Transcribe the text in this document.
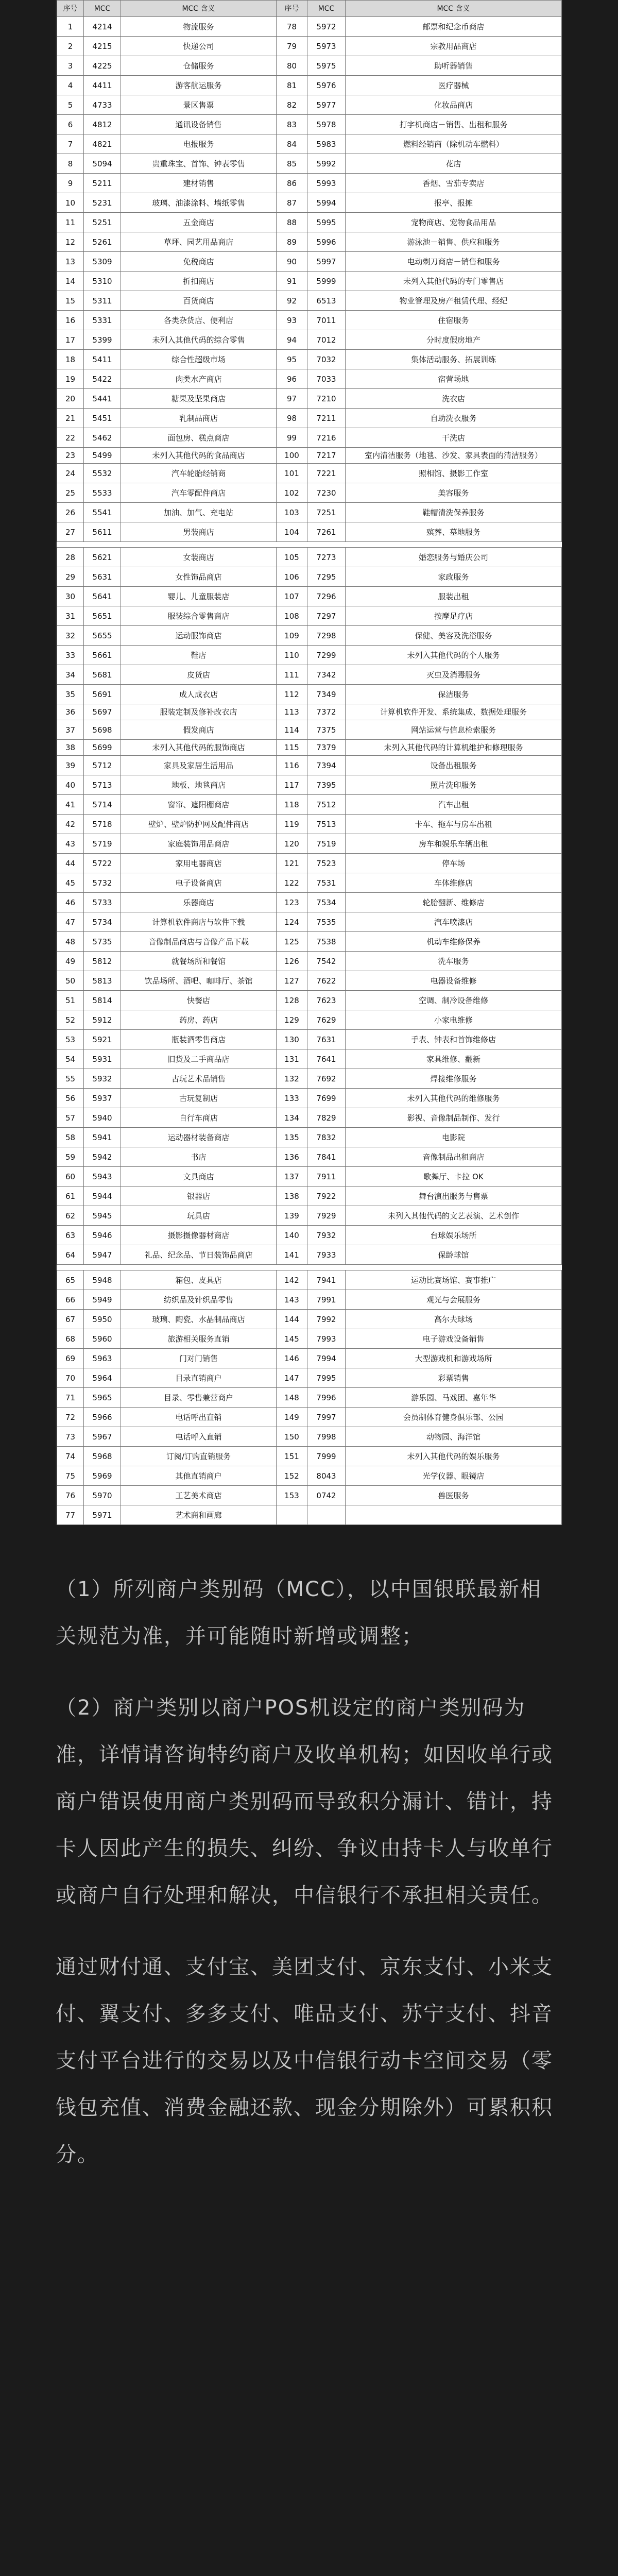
序号	MCC	MCC 含义	序号	MCC	MCC 含义
1	4214	物流服务	78	5972	邮票和纪念币商店
2	4215	快递公司	79	5973	宗教用品商店
3	4225	仓储服务	80	5975	助听器销售
4	4411	游客航运服务	81	5976	医疗器械
5	4733	景区售票	82	5977	化妆品商店
6	4812	通讯设备销售	83	5978	打字机商店－销售、出租和服务
7	4821	电报服务	84	5983	燃料经销商（除机动车燃料）
8	5094	贵重珠宝、首饰、钟表零售	85	5992	花店
9	5211	建材销售	86	5993	香烟、雪茄专卖店
10	5231	玻璃、油漆涂料、墙纸零售	87	5994	报亭、报摊
11	5251	五金商店	88	5995	宠物商店、宠物食品用品
12	5261	草坪、园艺用品商店	89	5996	游泳池－销售、供应和服务
13	5309	免税商店	90	5997	电动剃刀商店－销售和服务
14	5310	折扣商店	91	5999	未列入其他代码的专门零售店
15	5311	百货商店	92	6513	物业管理及房产租赁代理、经纪
16	5331	各类杂货店、便利店	93	7011	住宿服务
17	5399	未列入其他代码的综合零售	94	7012	分时度假房地产
18	5411	综合性超级市场	95	7032	集体活动服务、拓展训练
19	5422	肉类水产商店	96	7033	宿营场地
20	5441	糖果及坚果商店	97	7210	洗衣店
21	5451	乳制品商店	98	7211	自助洗衣服务
22	5462	面包房、糕点商店	99	7216	干洗店
23	5499	未列入其他代码的食品商店	100	7217	室内清洁服务（地毯、沙发、家具表面的清洁服务）
24	5532	汽车轮胎经销商	101	7221	照相馆、摄影工作室
25	5533	汽车零配件商店	102	7230	美容服务
26	5541	加油、加气、充电站	103	7251	鞋帽清洗保养服务
27	5611	男装商店	104	7261	殡葬、墓地服务

28	5621	女装商店	105	7273	婚恋服务与婚庆公司
29	5631	女性饰品商店	106	7295	家政服务
30	5641	婴儿、儿童服装店	107	7296	服装出租
31	5651	服装综合零售商店	108	7297	按摩足疗店
32	5655	运动服饰商店	109	7298	保健、美容及洗浴服务
33	5661	鞋店	110	7299	未列入其他代码的个人服务
34	5681	皮货店	111	7342	灭虫及消毒服务
35	5691	成人成衣店	112	7349	保洁服务
36	5697	服装定制及修补改衣店	113	7372	计算机软件开发、系统集成、数据处理服务
37	5698	假发商店	114	7375	网站运营与信息检索服务
38	5699	未列入其他代码的服饰商店	115	7379	未列入其他代码的计算机维护和修理服务
39	5712	家具及家居生活用品	116	7394	设备出租服务
40	5713	地板、地毯商店	117	7395	照片洗印服务
41	5714	窗帘、遮阳棚商店	118	7512	汽车出租
42	5718	壁炉、壁炉防护网及配件商店	119	7513	卡车、拖车与房车出租
43	5719	家庭装饰用品商店	120	7519	房车和娱乐车辆出租
44	5722	家用电器商店	121	7523	停车场
45	5732	电子设备商店	122	7531	车体维修店
46	5733	乐器商店	123	7534	轮胎翻新、维修店
47	5734	计算机软件商店与软件下载	124	7535	汽车喷漆店
48	5735	音像制品商店与音像产品下载	125	7538	机动车维修保养
49	5812	就餐场所和餐馆	126	7542	洗车服务
50	5813	饮品场所、酒吧、咖啡厅、茶馆	127	7622	电器设备维修
51	5814	快餐店	128	7623	空调、制冷设备维修
52	5912	药房、药店	129	7629	小家电维修
53	5921	瓶装酒零售商店	130	7631	手表、钟表和首饰维修店
54	5931	旧货及二手商品店	131	7641	家具维修、翻新
55	5932	古玩艺术品销售	132	7692	焊接维修服务
56	5937	古玩复制店	133	7699	未列入其他代码的维修服务
57	5940	自行车商店	134	7829	影视、音像制品制作、发行
58	5941	运动器材装备商店	135	7832	电影院
59	5942	书店	136	7841	音像制品出租商店
60	5943	文具商店	137	7911	歌舞厅、卡拉 OK
61	5944	银器店	138	7922	舞台演出服务与售票
62	5945	玩具店	139	7929	未列入其他代码的文艺表演、艺术创作
63	5946	摄影摄像器材商店	140	7932	台球娱乐场所
64	5947	礼品、纪念品、节日装饰品商店	141	7933	保龄球馆

65	5948	箱包、皮具店	142	7941	运动比赛场馆、赛事推广
66	5949	纺织品及针织品零售	143	7991	观光与会展服务
67	5950	玻璃、陶瓷、水晶制品商店	144	7992	高尔夫球场
68	5960	旅游相关服务直销	145	7993	电子游戏设备销售
69	5963	门对门销售	146	7994	大型游戏机和游戏场所
70	5964	目录直销商户	147	7995	彩票销售
71	5965	目录、零售兼营商户	148	7996	游乐园、马戏团、嘉年华
72	5966	电话呼出直销	149	7997	会员制体育健身俱乐部、公园
73	5967	电话呼入直销	150	7998	动物园、海洋馆
74	5968	订阅/订购直销服务	151	7999	未列入其他代码的娱乐服务
75	5969	其他直销商户	152	8043	光学仪器、眼镜店
76	5970	工艺美术商店	153	0742	兽医服务
77	5971	艺术商和画廊			

（1）所列商户类别码（MCC），以中国银联最新相关规范为准，并可能随时新增或调整；

（2）商户类别以商户POS机设定的商户类别码为准，详情请咨询特约商户及收单机构；如因收单行或商户错误使用商户类别码而导致积分漏计、错计，持卡人因此产生的损失、纠纷、争议由持卡人与收单行或商户自行处理和解决，中信银行不承担相关责任。

通过财付通、支付宝、美团支付、京东支付、小米支付、翼支付、多多支付、唯品支付、苏宁支付、抖音支付平台进行的交易以及中信银行动卡空间交易（零钱包充值、消费金融还款、现金分期除外）可累积积分。
